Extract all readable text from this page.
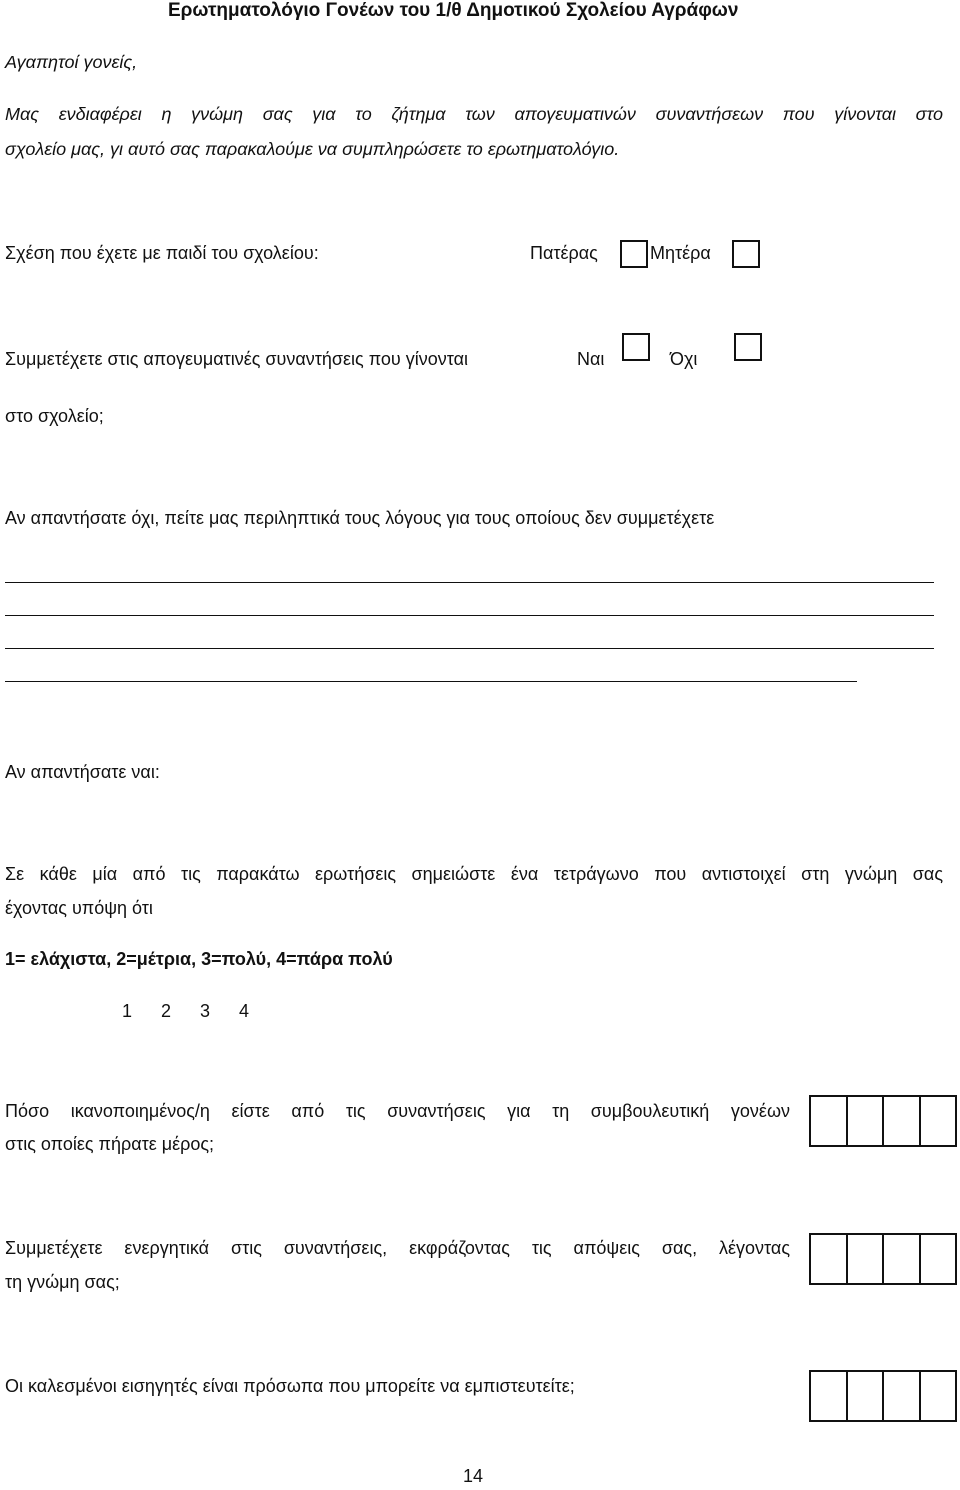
Ερωτηματολόγιο Γονέων του 1/θ Δημοτικού Σχολείου Αγράφων
Αγαπητοί γονείς,
Μας ενδιαφέρει η γνώμη σας για το ζήτημα των απογευματινών συναντήσεων που γίνονται στο
σχολείο μας, γι αυτό σας παρακαλούμε να συμπληρώσετε το ερωτηματολόγιο.
Σχέση που έχετε με παιδί του σχολείου:	Πατέρας	Μητέρα
Συμμετέχετε στις απογευματινές συναντήσεις που γίνονται	Ναι	Όχι
στο σχολείο;
Αν απαντήσατε όχι, πείτε μας περιληπτικά τους λόγους για τους οποίους δεν συμμετέχετε
Αν απαντήσατε ναι:
Σε κάθε μία από τις παρακάτω ερωτήσεις σημειώστε ένα τετράγωνο που αντιστοιχεί στη γνώμη σας
έχοντας υπόψη ότι
1= ελάχιστα, 2=μέτρια, 3=πολύ, 4=πάρα πολύ
1 2 3 4
Πόσο ικανοποιημένος/η είστε από τις συναντήσεις για τη συμβουλευτική γονέων
στις οποίες πήρατε μέρος;
Συμμετέχετε ενεργητικά στις συναντήσεις, εκφράζοντας τις απόψεις σας, λέγοντας
τη γνώμη σας;
Οι καλεσμένοι εισηγητές είναι πρόσωπα που μπορείτε να εμπιστευτείτε;
14
